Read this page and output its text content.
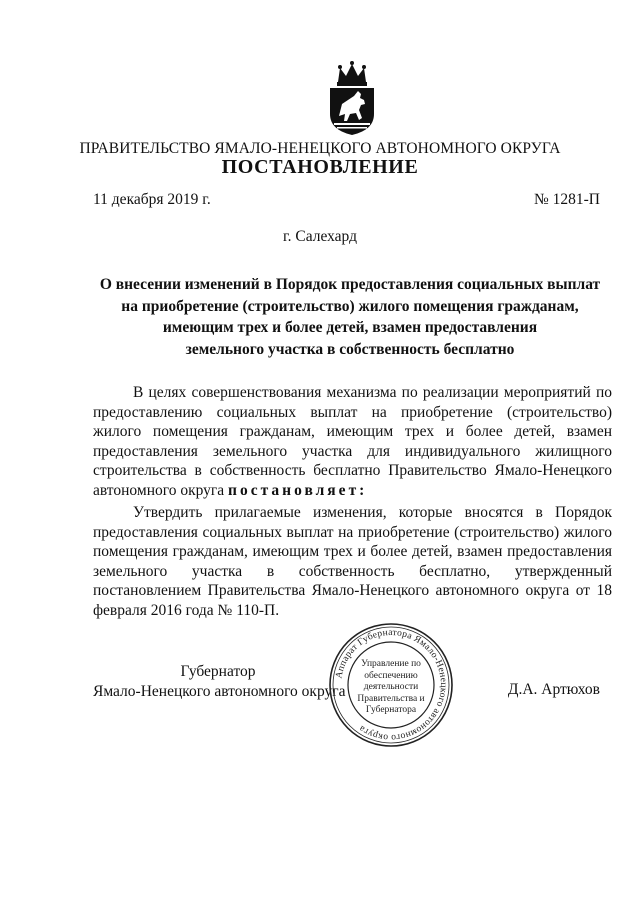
ПРАВИТЕЛЬСТВО ЯМАЛО-НЕНЕЦКОГО АВТОНОМНОГО ОКРУГА
ПОСТАНОВЛЕНИЕ
11 декабря 2019 г.	№ 1281-П
г. Салехард
О внесении изменений в Порядок предоставления социальных выплат
на приобретение (строительство) жилого помещения гражданам,
имеющим трех и более детей, взамен предоставления
земельного участка в собственность бесплатно
В целях совершенствования механизма по реализации мероприятий по предоставлению социальных выплат на приобретение (строительство) жилого помещения гражданам, имеющим трех и более детей, взамен предоставления земельного участка для индивидуального жилищного строительства в собственность бесплатно Правительство Ямало-Ненецкого автономного округа постановляет:
Утвердить прилагаемые изменения, которые вносятся в Порядок предоставления социальных выплат на приобретение (строительство) жилого помещения гражданам, имеющим трех и более детей, взамен предоставления земельного участка в собственность бесплатно, утвержденный постановлением Правительства Ямало-Ненецкого автономного округа от 18 февраля 2016 года № 110-П.
Губернатор
Ямало-Ненецкого автономного округа
Аппарат Губернатора Ямало-Ненецкого автономного округа
Управление по обеспечению деятельности Правительства и Губернатора
Д.А. Артюхов
